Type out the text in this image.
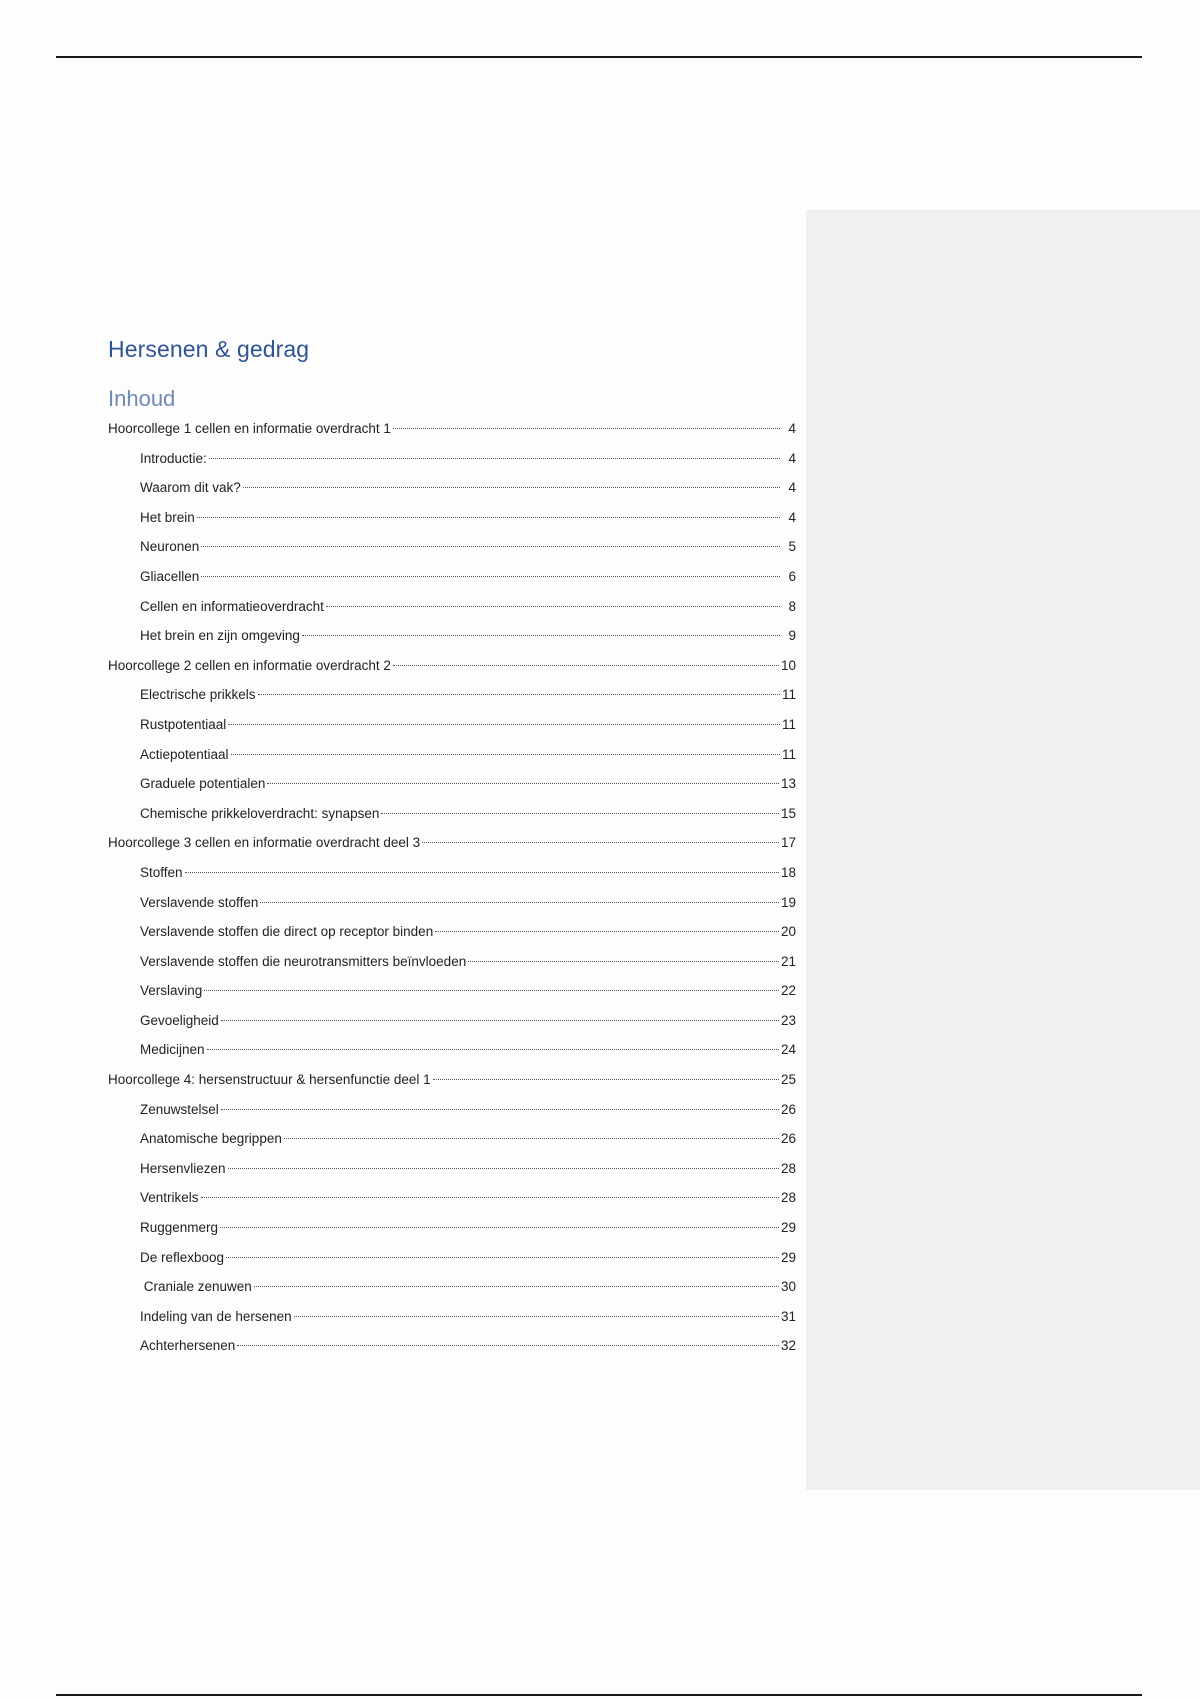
Hersenen & gedrag
Inhoud
Hoorcollege 1 cellen en informatie overdracht 1	4
Introductie:	4
Waarom dit vak?	4
Het brein	4
Neuronen	5
Gliacellen	6
Cellen en informatieoverdracht	8
Het brein en zijn omgeving	9
Hoorcollege 2 cellen en informatie overdracht 2	10
Electrische prikkels	11
Rustpotentiaal	11
Actiepotentiaal	11
Graduele potentialen	13
Chemische prikkeloverdracht: synapsen	15
Hoorcollege 3 cellen en informatie overdracht deel 3	17
Stoffen	18
Verslavende stoffen	19
Verslavende stoffen die direct op receptor binden	20
Verslavende stoffen die neurotransmitters beïnvloeden	21
Verslaving	22
Gevoeligheid	23
Medicijnen	24
Hoorcollege 4: hersenstructuur & hersenfunctie deel 1	25
Zenuwstelsel	26
Anatomische begrippen	26
Hersenvliezen	28
Ventrikels	28
Ruggenmerg	29
De reflexboog	29
Craniale zenuwen	30
Indeling van de hersenen	31
Achterhersenen	32
